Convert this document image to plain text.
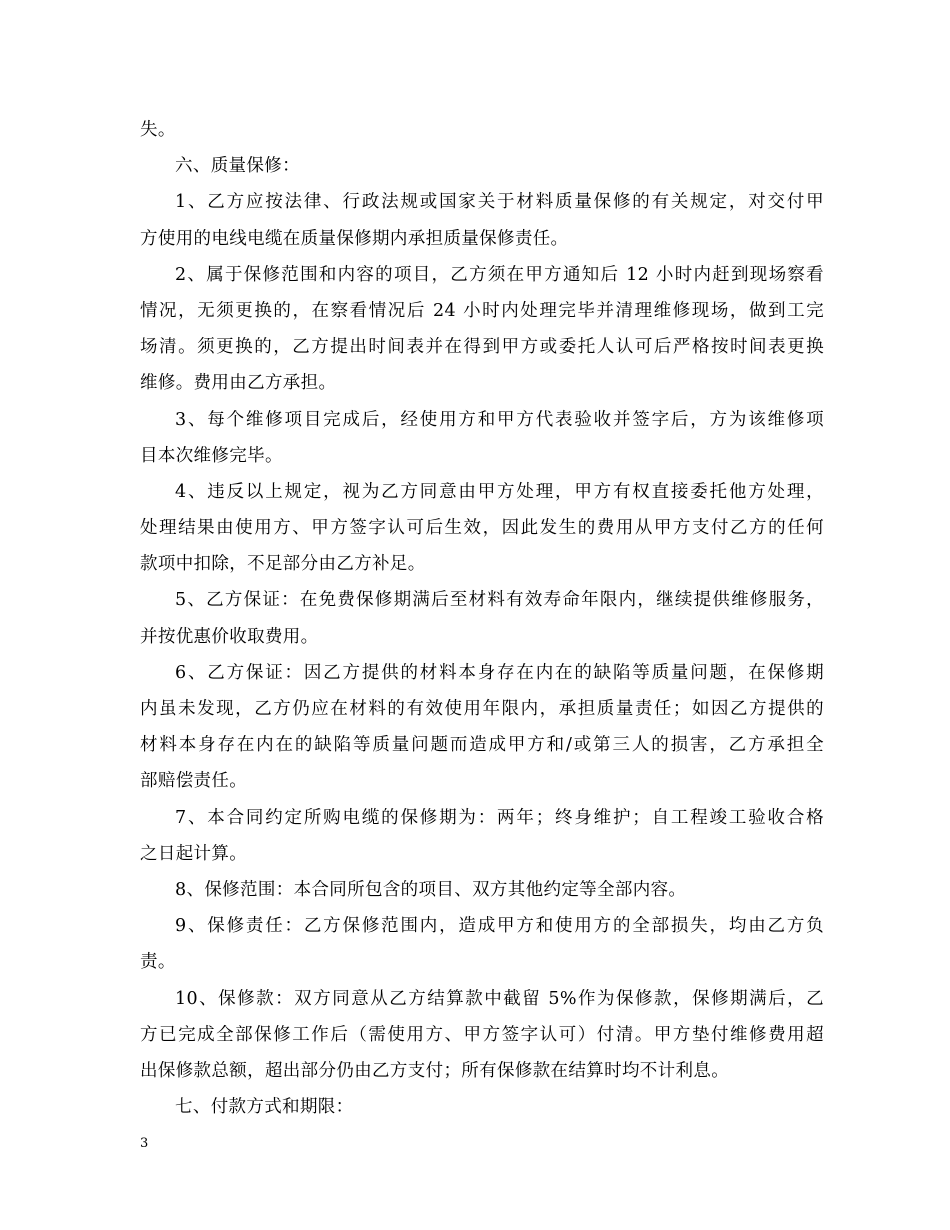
失。
六、质量保修：
1、乙方应按法律、行政法规或国家关于材料质量保修的有关规定，对交付甲
方使用的电线电缆在质量保修期内承担质量保修责任。
2、属于保修范围和内容的项目，乙方须在甲方通知后 12 小时内赶到现场察看
情况，无须更换的，在察看情况后 24 小时内处理完毕并清理维修现场，做到工完
场清。须更换的，乙方提出时间表并在得到甲方或委托人认可后严格按时间表更换
维修。费用由乙方承担。
3、每个维修项目完成后，经使用方和甲方代表验收并签字后，方为该维修项
目本次维修完毕。
4、违反以上规定，视为乙方同意由甲方处理，甲方有权直接委托他方处理，
处理结果由使用方、甲方签字认可后生效，因此发生的费用从甲方支付乙方的任何
款项中扣除，不足部分由乙方补足。
5、乙方保证：在免费保修期满后至材料有效寿命年限内，继续提供维修服务，
并按优惠价收取费用。
6、乙方保证：因乙方提供的材料本身存在内在的缺陷等质量问题，在保修期
内虽未发现，乙方仍应在材料的有效使用年限内，承担质量责任；如因乙方提供的
材料本身存在内在的缺陷等质量问题而造成甲方和/或第三人的损害，乙方承担全
部赔偿责任。
7、本合同约定所购电缆的保修期为：两年；终身维护；自工程竣工验收合格
之日起计算。
8、保修范围：本合同所包含的项目、双方其他约定等全部内容。
9、保修责任：乙方保修范围内，造成甲方和使用方的全部损失，均由乙方负
责。
10、保修款：双方同意从乙方结算款中截留 5%作为保修款，保修期满后，乙
方已完成全部保修工作后（需使用方、甲方签字认可）付清。甲方垫付维修费用超
出保修款总额，超出部分仍由乙方支付；所有保修款在结算时均不计利息。
七、付款方式和期限：
3
